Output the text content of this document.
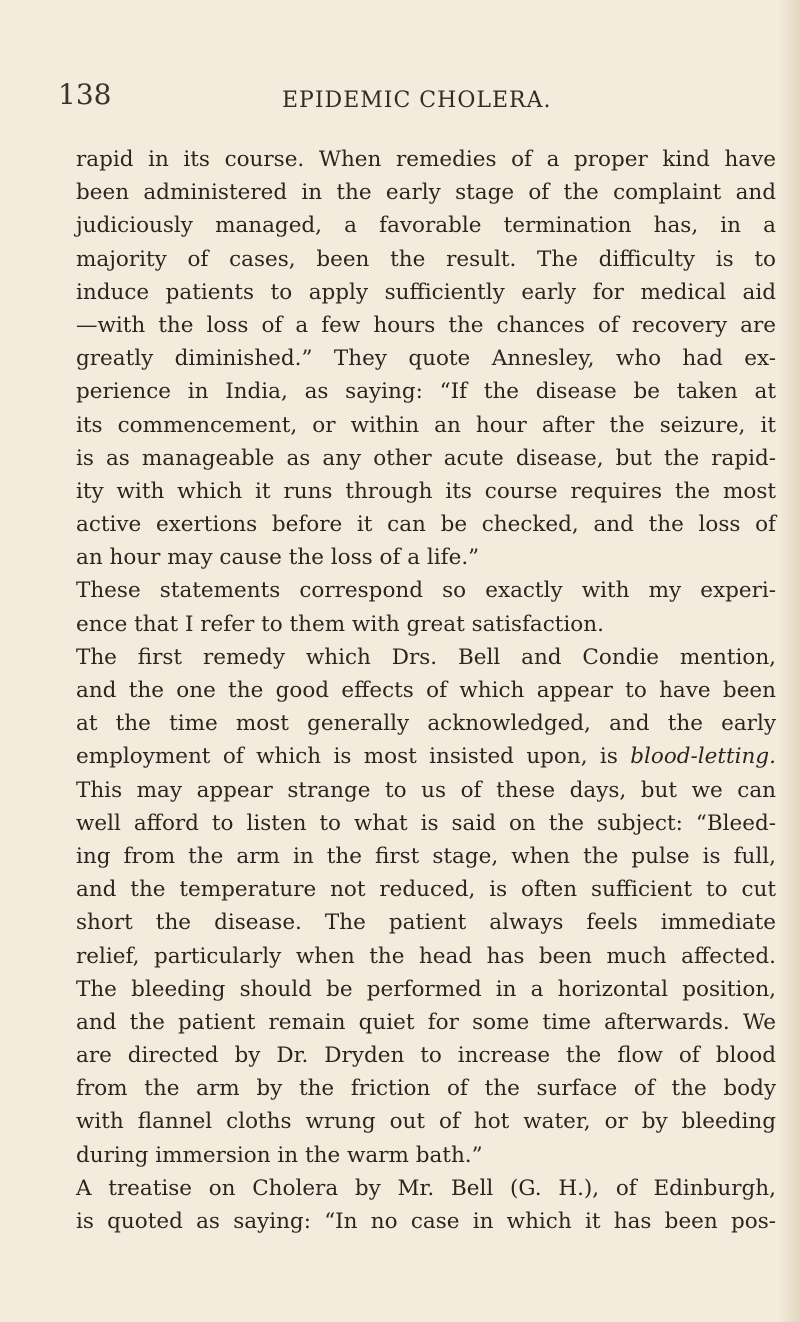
138	EPIDEMIC CHOLERA.
rapid in its course. When remedies of a proper kind have
been administered in the early stage of the complaint and
judiciously managed, a favorable termination has, in a
majority of cases, been the result. The difficulty is to
induce patients to apply sufficiently early for medical aid
—with the loss of a few hours the chances of recovery are
greatly diminished.” They quote Annesley, who had ex-
perience in India, as saying: “If the disease be taken at
its commencement, or within an hour after the seizure, it
is as manageable as any other acute disease, but the rapid-
ity with which it runs through its course requires the most
active exertions before it can be checked, and the loss of
an hour may cause the loss of a life.”
These statements correspond so exactly with my experi-
ence that I refer to them with great satisfaction.
The first remedy which Drs. Bell and Condie mention,
and the one the good effects of which appear to have been
at the time most generally acknowledged, and the early
employment of which is most insisted upon, is blood-letting.
This may appear strange to us of these days, but we can
well afford to listen to what is said on the subject: “Bleed-
ing from the arm in the first stage, when the pulse is full,
and the temperature not reduced, is often sufficient to cut
short the disease. The patient always feels immediate
relief, particularly when the head has been much affected.
The bleeding should be performed in a horizontal position,
and the patient remain quiet for some time afterwards. We
are directed by Dr. Dryden to increase the flow of blood
from the arm by the friction of the surface of the body
with flannel cloths wrung out of hot water, or by bleeding
during immersion in the warm bath.”
A treatise on Cholera by Mr. Bell (G. H.), of Edinburgh,
is quoted as saying: “In no case in which it has been pos-
